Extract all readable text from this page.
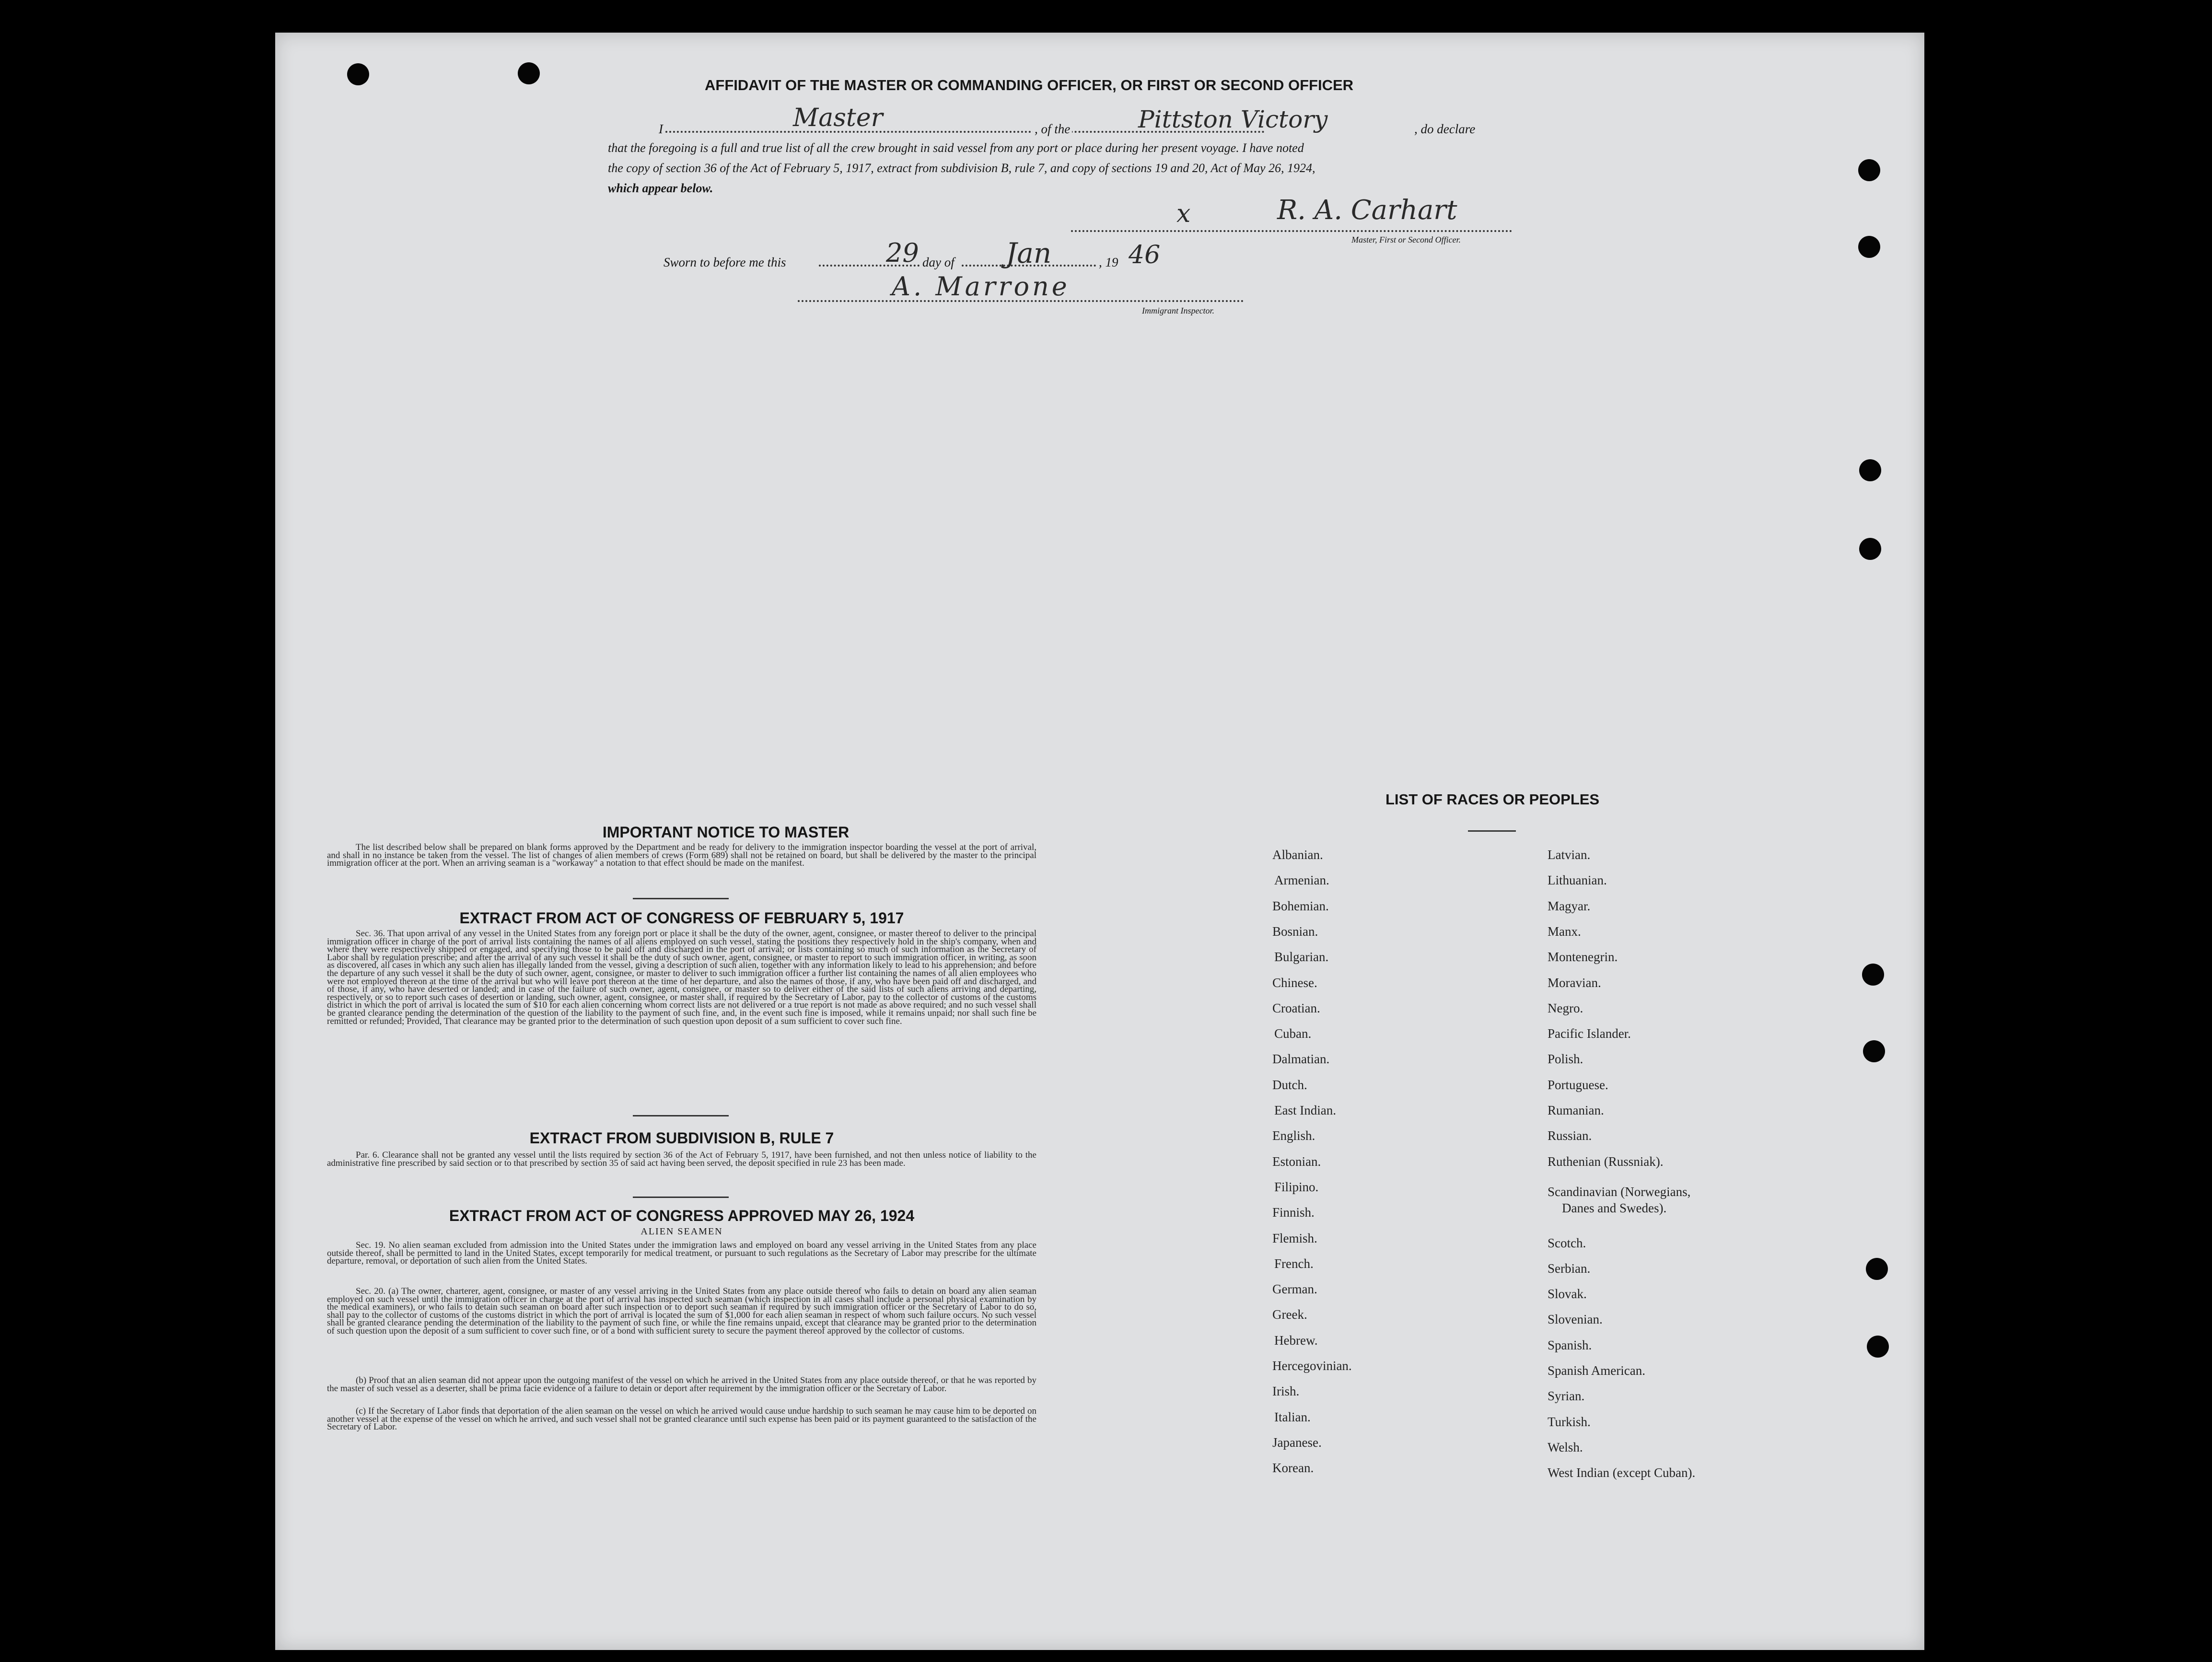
AFFIDAVIT OF THE MASTER OR COMMANDING OFFICER, OR FIRST OR SECOND OFFICER
I	Master	, of the	Pittston Victory	, do declare
that the foregoing is a full and true list of all the crew brought in said vessel from any port or place during her present voyage. I have noted
the copy of section 36 of the Act of February 5, 1917, extract from subdivision B, rule 7, and copy of sections 19 and 20, Act of May 26, 1924,
which appear below.
x	R. A. Carhart
Master, First or Second Officer.
Sworn to before me this	29 day of Jan	, 19 46
A. Marrone
Immigrant Inspector.
IMPORTANT NOTICE TO MASTER
The list described below shall be prepared on blank forms approved by the Department and be ready for delivery to the immigration inspector boarding the vessel at the port of arrival, and shall in no instance be taken from the vessel. The list of changes of alien members of crews (Form 689) shall not be retained on board, but shall be delivered by the master to the principal immigration officer at the port. When an arriving seaman is a "workaway" a notation to that effect should be made on the manifest.
EXTRACT FROM ACT OF CONGRESS OF FEBRUARY 5, 1917
Sec. 36. That upon arrival of any vessel in the United States from any foreign port or place it shall be the duty of the owner, agent, consignee, or master thereof to deliver to the principal immigration officer in charge of the port of arrival lists containing the names of all aliens employed on such vessel, stating the positions they respectively hold in the ship's company, when and where they were respectively shipped or engaged, and specifying those to be paid off and discharged in the port of arrival; or lists containing so much of such information as the Secretary of Labor shall by regulation prescribe; and after the arrival of any such vessel it shall be the duty of such owner, agent, consignee, or master to report to such immigration officer, in writing, as soon as discovered, all cases in which any such alien has illegally landed from the vessel, giving a description of such alien, together with any information likely to lead to his apprehension; and before the departure of any such vessel it shall be the duty of such owner, agent, consignee, or master to deliver to such immigration officer a further list containing the names of all alien employees who were not employed thereon at the time of the arrival but who will leave port thereon at the time of her departure, and also the names of those, if any, who have been paid off and discharged, and of those, if any, who have deserted or landed; and in case of the failure of such owner, agent, consignee, or master so to deliver either of the said lists of such aliens arriving and departing, respectively, or so to report such cases of desertion or landing, such owner, agent, consignee, or master shall, if required by the Secretary of Labor, pay to the collector of customs of the customs district in which the port of arrival is located the sum of $10 for each alien concerning whom correct lists are not delivered or a true report is not made as above required; and no such vessel shall be granted clearance pending the determination of the question of the liability to the payment of such fine, and, in the event such fine is imposed, while it remains unpaid; nor shall such fine be remitted or refunded; Provided, That clearance may be granted prior to the determination of such question upon deposit of a sum sufficient to cover such fine.
EXTRACT FROM SUBDIVISION B, RULE 7
Par. 6. Clearance shall not be granted any vessel until the lists required by section 36 of the Act of February 5, 1917, have been furnished, and not then unless notice of liability to the administrative fine prescribed by said section or to that prescribed by section 35 of said act having been served, the deposit specified in rule 23 has been made.
EXTRACT FROM ACT OF CONGRESS APPROVED MAY 26, 1924
ALIEN SEAMEN
Sec. 19. No alien seaman excluded from admission into the United States under the immigration laws and employed on board any vessel arriving in the United States from any place outside thereof, shall be permitted to land in the United States, except temporarily for medical treatment, or pursuant to such regulations as the Secretary of Labor may prescribe for the ultimate departure, removal, or deportation of such alien from the United States.
Sec. 20. (a) The owner, charterer, agent, consignee, or master of any vessel arriving in the United States from any place outside thereof who fails to detain on board any alien seaman employed on such vessel until the immigration officer in charge at the port of arrival has inspected such seaman (which inspection in all cases shall include a personal physical examination by the medical examiners), or who fails to detain such seaman on board after such inspection or to deport such seaman if required by such immigration officer or the Secretary of Labor to do so, shall pay to the collector of customs of the customs district in which the port of arrival is located the sum of $1,000 for each alien seaman in respect of whom such failure occurs. No such vessel shall be granted clearance pending the determination of the liability to the payment of such fine, or while the fine remains unpaid, except that clearance may be granted prior to the determination of such question upon the deposit of a sum sufficient to cover such fine, or of a bond with sufficient surety to secure the payment thereof approved by the collector of customs.
(b) Proof that an alien seaman did not appear upon the outgoing manifest of the vessel on which he arrived in the United States from any place outside thereof, or that he was reported by the master of such vessel as a deserter, shall be prima facie evidence of a failure to detain or deport after requirement by the immigration officer or the Secretary of Labor.
(c) If the Secretary of Labor finds that deportation of the alien seaman on the vessel on which he arrived would cause undue hardship to such seaman he may cause him to be deported on another vessel at the expense of the vessel on which he arrived, and such vessel shall not be granted clearance until such expense has been paid or its payment guaranteed to the satisfaction of the Secretary of Labor.
LIST OF RACES OR PEOPLES
Albanian.
Armenian.
Bohemian.
Bosnian.
Bulgarian.
Chinese.
Croatian.
Cuban.
Dalmatian.
Dutch.
East Indian.
English.
Estonian.
Filipino.
Finnish.
Flemish.
French.
German.
Greek.
Hebrew.
Hercegovinian.
Irish.
Italian.
Japanese.
Korean.
Latvian.
Lithuanian.
Magyar.
Manx.
Montenegrin.
Moravian.
Negro.
Pacific Islander.
Polish.
Portuguese.
Rumanian.
Russian.
Ruthenian (Russniak).
Scandinavian (Norwegians,
Danes and Swedes).
Scotch.
Serbian.
Slovak.
Slovenian.
Spanish.
Spanish American.
Syrian.
Turkish.
Welsh.
West Indian (except Cuban).
